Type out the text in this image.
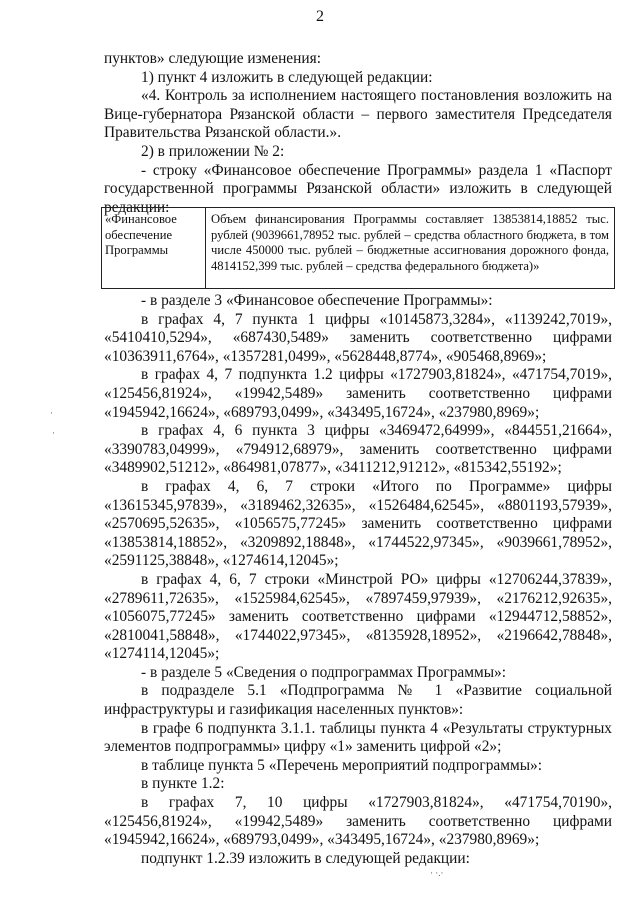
2

пунктов» следующие изменения:

1) пункт 4 изложить в следующей редакции:

«4. Контроль за исполнением настоящего постановления возложить на Вице-губернатора Рязанской области – первого заместителя Председателя Правительства Рязанской области.».

2) в приложении № 2:

- строку «Финансовое обеспечение Программы» раздела 1 «Паспорт государственной программы Рязанской области» изложить в следующей редакции:

«Финансовое обеспечение Программы
Объем финансирования Программы составляет 13853814,18852 тыс. рублей (9039661,78952 тыс. рублей – средства областного бюджета, в том числе 450000 тыс. рублей – бюджетные ассигнования дорожного фонда, 4814152,399 тыс. рублей – средства федерального бюджета)»

- в разделе 3 «Финансовое обеспечение Программы»:

в графах 4, 7 пункта 1 цифры «10145873,3284», «1139242,7019», «5410410,5294», «687430,5489» заменить соответственно цифрами «10363911,6764», «1357281,0499», «5628448,8774», «905468,8969»;

в графах 4, 7 подпункта 1.2 цифры «1727903,81824», «471754,7019», «125456,81924», «19942,5489» заменить соответственно цифрами «1945942,16624», «689793,0499», «343495,16724», «237980,8969»;

в графах 4, 6 пункта 3 цифры «3469472,64999», «844551,21664», «3390783,04999», «794912,68979», заменить соответственно цифрами «3489902,51212», «864981,07877», «3411212,91212», «815342,55192»;

в графах 4, 6, 7 строки «Итого по Программе» цифры «13615345,97839», «3189462,32635», «1526484,62545», «8801193,57939», «2570695,52635», «1056575,77245» заменить соответственно цифрами «13853814,18852», «3209892,18848», «1744522,97345», «9039661,78952», «2591125,38848», «1274614,12045»;

в графах 4, 6, 7 строки «Минстрой РО» цифры «12706244,37839», «2789611,72635», «1525984,62545», «7897459,97939», «2176212,92635», «1056075,77245» заменить соответственно цифрами «12944712,58852», «2810041,58848», «1744022,97345», «8135928,18952», «2196642,78848», «1274114,12045»;

- в разделе 5 «Сведения о подпрограммах Программы»:

в подразделе 5.1 «Подпрограмма № 1 «Развитие социальной инфраструктуры и газификация населенных пунктов»:

в графе 6 подпункта 3.1.1. таблицы пункта 4 «Результаты структурных элементов подпрограммы» цифру «1» заменить цифрой «2»;

в таблице пункта 5 «Перечень мероприятий подпрограммы»:

в пункте 1.2:

в графах 7, 10 цифры «1727903,81824», «471754,70190», «125456,81924», «19942,5489» заменить соответственно цифрами «1945942,16624», «689793,0499», «343495,16724», «237980,8969»;

подпункт 1.2.39 изложить в следующей редакции:

·
·
· ·.·
